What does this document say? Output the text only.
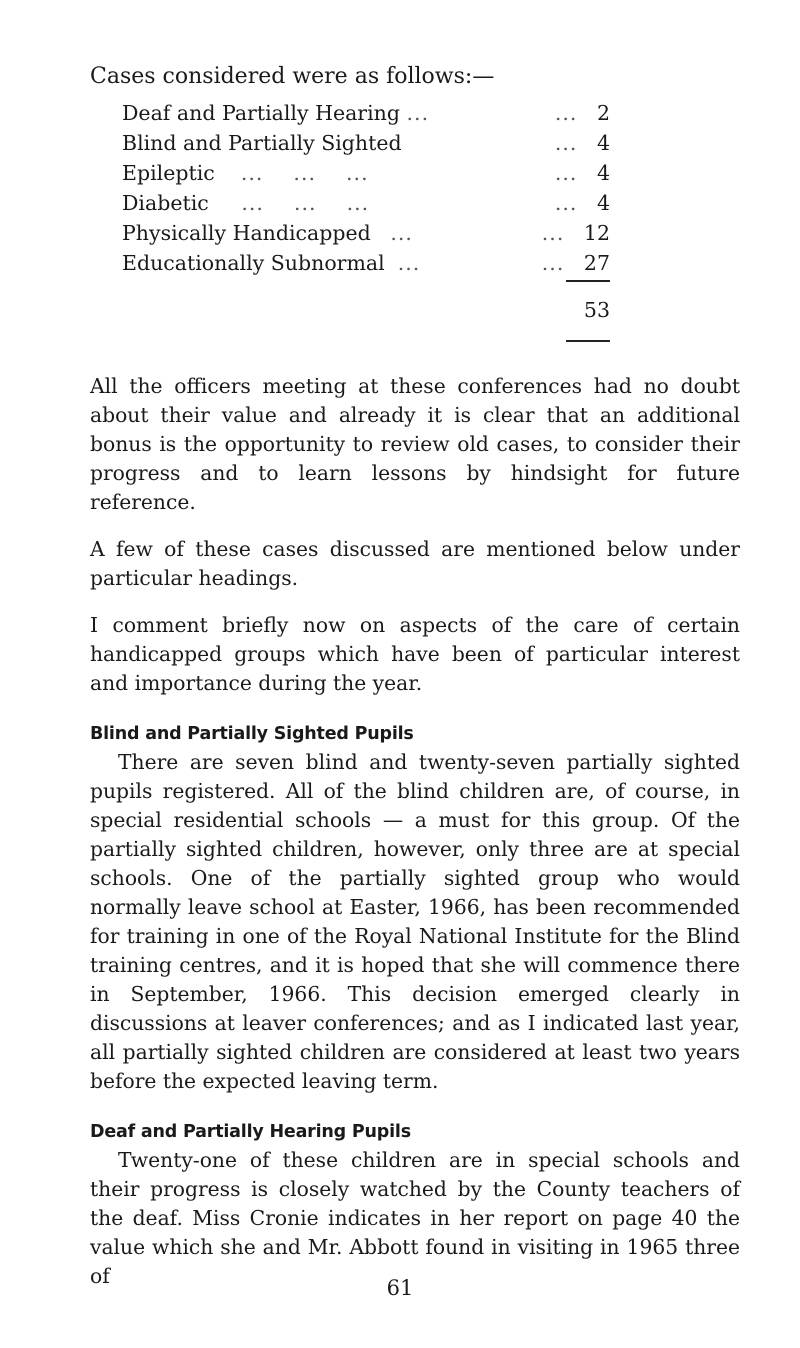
Cases considered were as follows:—

Deaf and Partially Hearing ...	... 2
Blind and Partially Sighted	... 4
Epileptic ...    ...    ...	... 4
Diabetic ...    ...    ...	... 4
Physically Handicapped ...	... 12
Educationally Subnormal ...	... 27

53

All the officers meeting at these conferences had no doubt about their value and already it is clear that an additional bonus is the opportunity to review old cases, to consider their progress and to learn lessons by hindsight for future reference.

A few of these cases discussed are mentioned below under particular headings.

I comment briefly now on aspects of the care of certain handicapped groups which have been of particular interest and importance during the year.

Blind and Partially Sighted Pupils

There are seven blind and twenty-seven partially sighted pupils registered. All of the blind children are, of course, in special residential schools — a must for this group. Of the partially sighted children, however, only three are at special schools. One of the partially sighted group who would normally leave school at Easter, 1966, has been recommended for training in one of the Royal National Institute for the Blind training centres, and it is hoped that she will commence there in September, 1966. This decision emerged clearly in discussions at leaver conferences; and as I indicated last year, all partially sighted children are considered at least two years before the expected leaving term.

Deaf and Partially Hearing Pupils

Twenty-one of these children are in special schools and their progress is closely watched by the County teachers of the deaf. Miss Cronie indicates in her report on page 40 the value which she and Mr. Abbott found in visiting in 1965 three of	61
